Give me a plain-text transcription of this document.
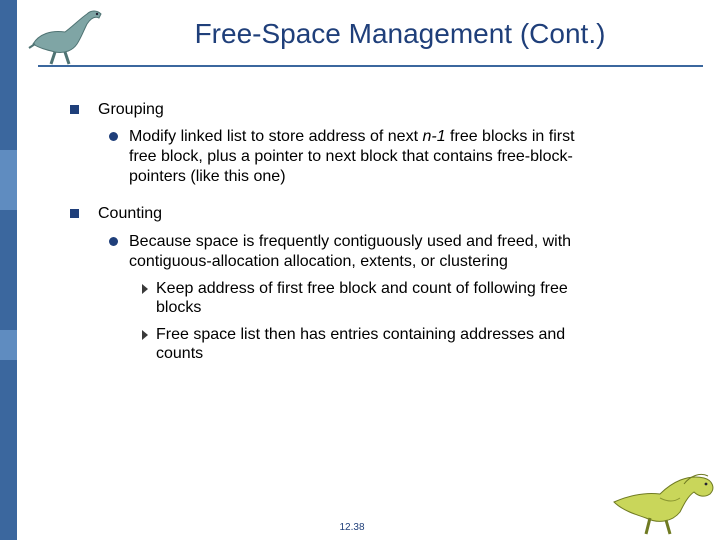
Free-Space Management (Cont.)
Grouping
Modify linked list to store address of next n-1 free blocks in first
free block, plus a pointer to next block that contains free-block-
pointers (like this one)
Counting
Because space is frequently contiguously used and freed, with
contiguous-allocation allocation, extents, or clustering
Keep address of first free block and count of following free
blocks
Free space list then has entries containing addresses and
counts
12.38
